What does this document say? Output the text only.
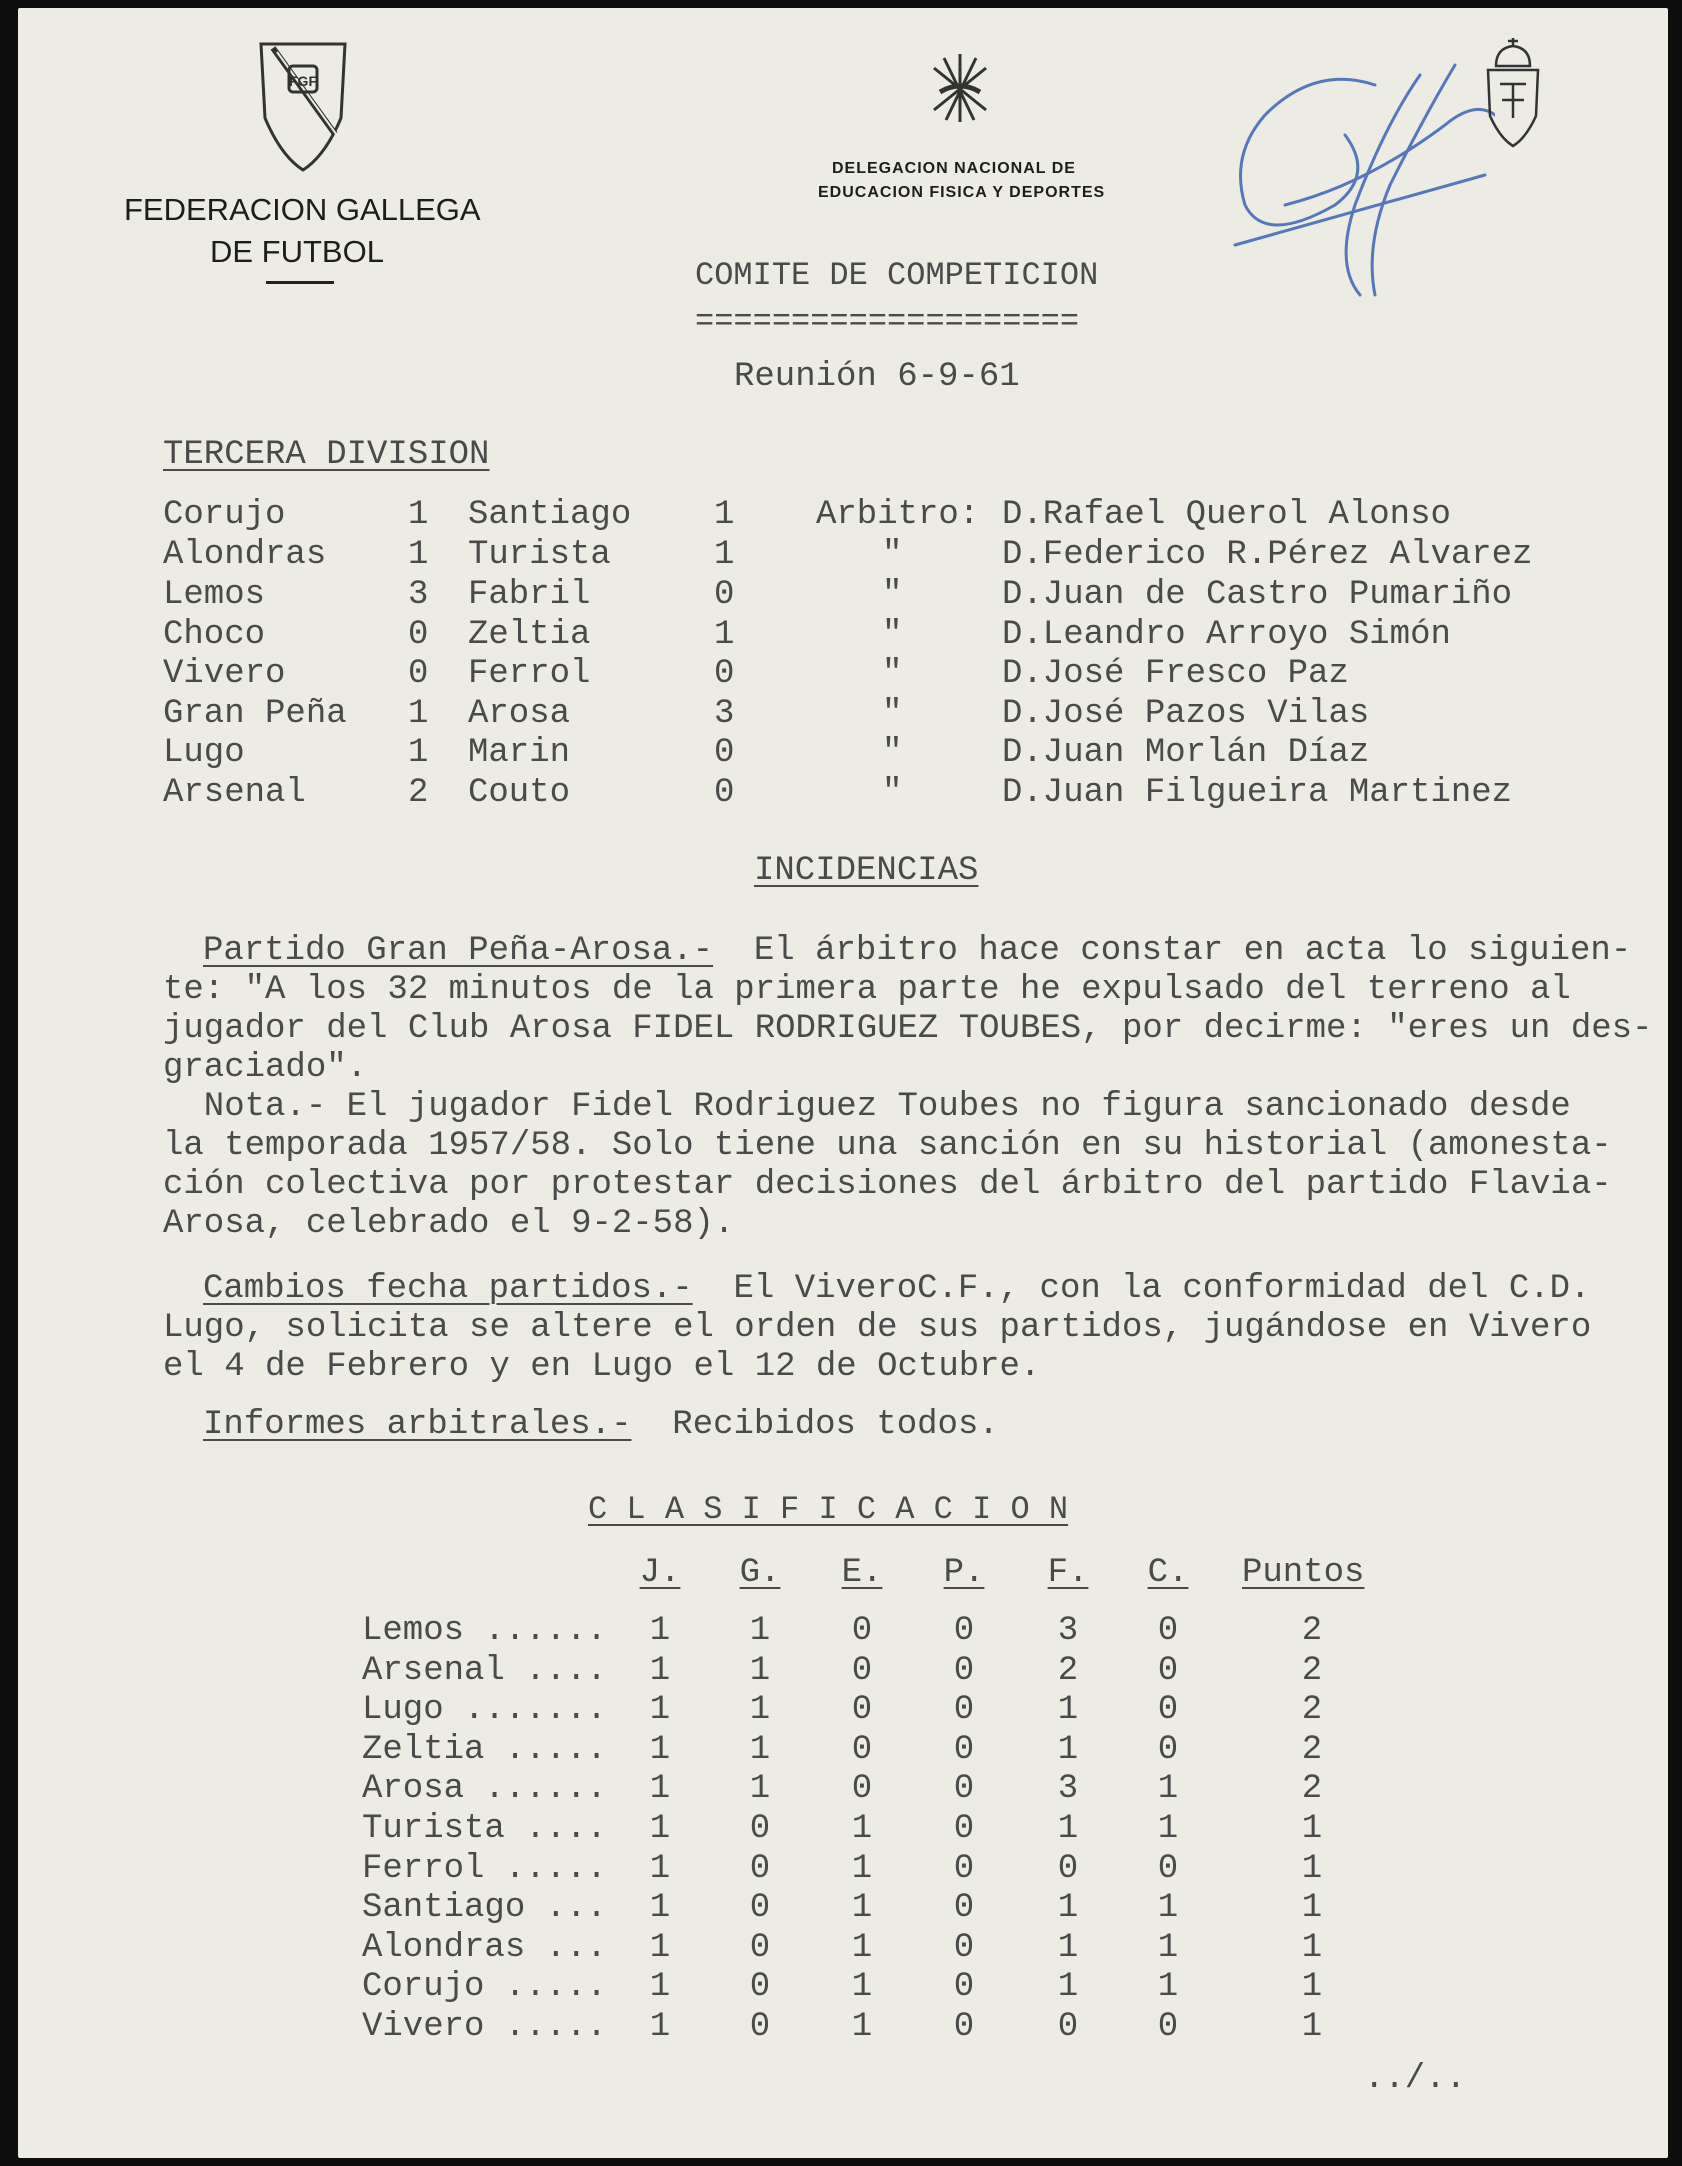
FGF
FEDERACION GALLEGA
DE FUTBOL
DELEGACION NACIONAL DE
EDUCACION FISICA Y DEPORTES
COMITE DE COMPETICION
====================
Reunión 6-9-61
TERCERA DIVISION
Corujo	1 Santiago 1 Arbitro: D.Rafael Querol Alonso
Alondras 1 Turista	1	"	D.Federico R.Pérez Alvarez
Lemos	3 Fabril	0	"	D.Juan de Castro Pumariño
Choco	0 Zeltia	1	"	D.Leandro Arroyo Simón
Vivero	0 Ferrol	0	"	D.José Fresco Paz
Gran Peña 1 Arosa	3	"	D.José Pazos Vilas
Lugo	1 Marin	0	"	D.Juan Morlán Díaz
Arsenal	2 Couto	0	"	D.Juan Filgueira Martinez
INCIDENCIAS
Partido Gran Peña-Arosa.-  El árbitro hace constar en acta lo siguien-
te: "A los 32 minutos de la primera parte he expulsado del terreno al
jugador del Club Arosa FIDEL RODRIGUEZ TOUBES, por decirme: "eres un des-
graciado".
Nota.- El jugador Fidel Rodriguez Toubes no figura sancionado desde
la temporada 1957/58. Solo tiene una sanción en su historial (amonesta-
ción colectiva por protestar decisiones del árbitro del partido Flavia-
Arosa, celebrado el 9-2-58).
Cambios fecha partidos.-  El ViveroC.F., con la conformidad del C.D.
Lugo, solicita se altere el orden de sus partidos, jugándose en Vivero
el 4 de Febrero y en Lugo el 12 de Octubre.
Informes arbitrales.-  Recibidos todos.
C L A S I F I C A C I O N
J. G. E. P. F. C. Puntos
Lemos ......	1	1	0	0	3	0	2
Arsenal ....	1	1	0	0	2	0	2
Lugo .......	1	1	0	0	1	0	2
Zeltia .....	1	1	0	0	1	0	2
Arosa ......	1	1	0	0	3	1	2
Turista ....	1	0	1	0	1	1	1
Ferrol .....	1	0	1	0	0	0	1
Santiago ...	1	0	1	0	1	1	1
Alondras ...	1	0	1	0	1	1	1
Corujo .....	1	0	1	0	1	1	1
Vivero .....	1	0	1	0	0	0	1
../..
